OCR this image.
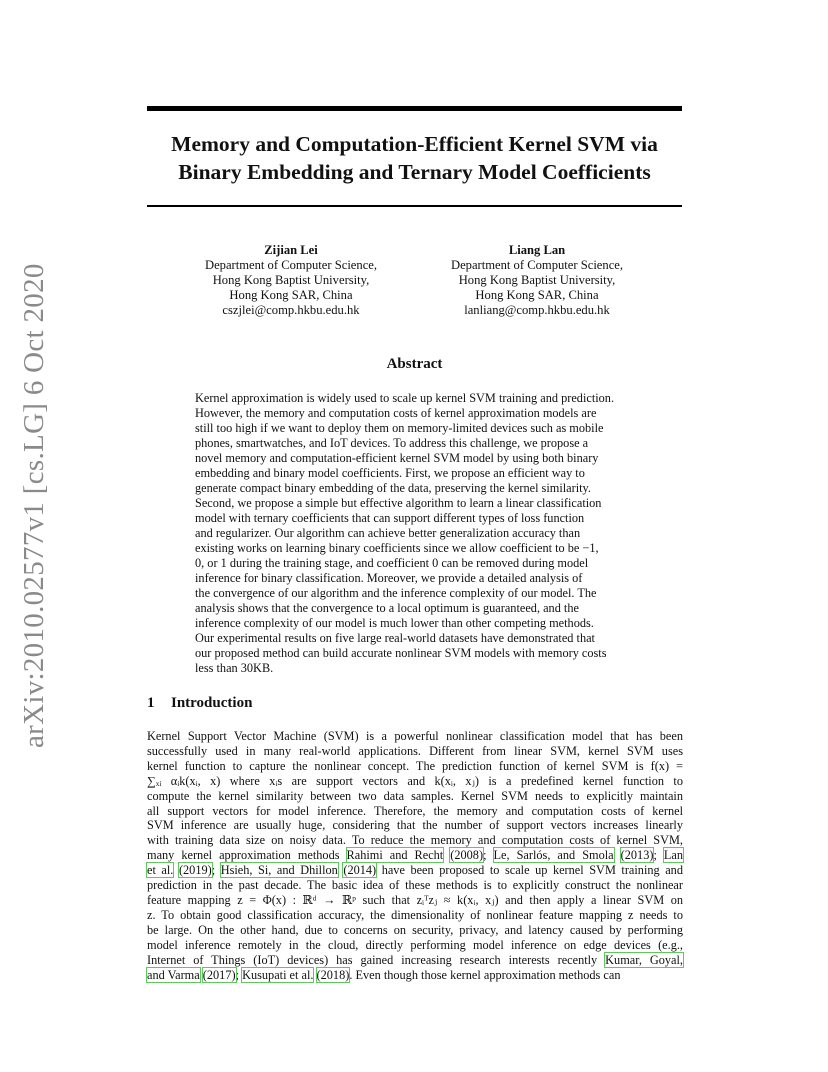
Memory and Computation-Efficient Kernel SVM via
Binary Embedding and Ternary Model Coefficients
arXiv:2010.02577v1 [cs.LG] 6 Oct 2020
Zijian Lei
Department of Computer Science,
Hong Kong Baptist University,
Hong Kong SAR, China
cszjlei@comp.hkbu.edu.hk
Liang Lan
Department of Computer Science,
Hong Kong Baptist University,
Hong Kong SAR, China
lanliang@comp.hkbu.edu.hk
Abstract
Kernel approximation is widely used to scale up kernel SVM training and prediction.
However, the memory and computation costs of kernel approximation models are
still too high if we want to deploy them on memory-limited devices such as mobile
phones, smartwatches, and IoT devices. To address this challenge, we propose a
novel memory and computation-efficient kernel SVM model by using both binary
embedding and binary model coefficients. First, we propose an efficient way to
generate compact binary embedding of the data, preserving the kernel similarity.
Second, we propose a simple but effective algorithm to learn a linear classification
model with ternary coefficients that can support different types of loss function
and regularizer. Our algorithm can achieve better generalization accuracy than
existing works on learning binary coefficients since we allow coefficient to be −1,
0, or 1 during the training stage, and coefficient 0 can be removed during model
inference for binary classification. Moreover, we provide a detailed analysis of
the convergence of our algorithm and the inference complexity of our model. The
analysis shows that the convergence to a local optimum is guaranteed, and the
inference complexity of our model is much lower than other competing methods.
Our experimental results on five large real-world datasets have demonstrated that
our proposed method can build accurate nonlinear SVM models with memory costs
less than 30KB.
1 Introduction
Kernel Support Vector Machine (SVM) is a powerful nonlinear classification model that has been
successfully used in many real-world applications. Different from linear SVM, kernel SVM uses
kernel function to capture the nonlinear concept. The prediction function of kernel SVM is f(x) =
∑ₓᵢ αᵢk(xᵢ, x) where xᵢs are support vectors and k(xᵢ, xⱼ) is a predefined kernel function to
compute the kernel similarity between two data samples. Kernel SVM needs to explicitly maintain
all support vectors for model inference. Therefore, the memory and computation costs of kernel
SVM inference are usually huge, considering that the number of support vectors increases linearly
with training data size on noisy data. To reduce the memory and computation costs of kernel SVM,
many kernel approximation methods Rahimi and Recht (2008); Le, Sarlós, and Smola (2013); Lan
et al. (2019); Hsieh, Si, and Dhillon (2014) have been proposed to scale up kernel SVM training and
prediction in the past decade. The basic idea of these methods is to explicitly construct the nonlinear
feature mapping z = Φ(x) : ℝᵈ → ℝᵖ such that zᵢᵀzⱼ ≈ k(xᵢ, xⱼ) and then apply a linear SVM on
z. To obtain good classification accuracy, the dimensionality of nonlinear feature mapping z needs to
be large. On the other hand, due to concerns on security, privacy, and latency caused by performing
model inference remotely in the cloud, directly performing model inference on edge devices (e.g.,
Internet of Things (IoT) devices) has gained increasing research interests recently Kumar, Goyal,
and Varma (2017); Kusupati et al. (2018). Even though those kernel approximation methods can
